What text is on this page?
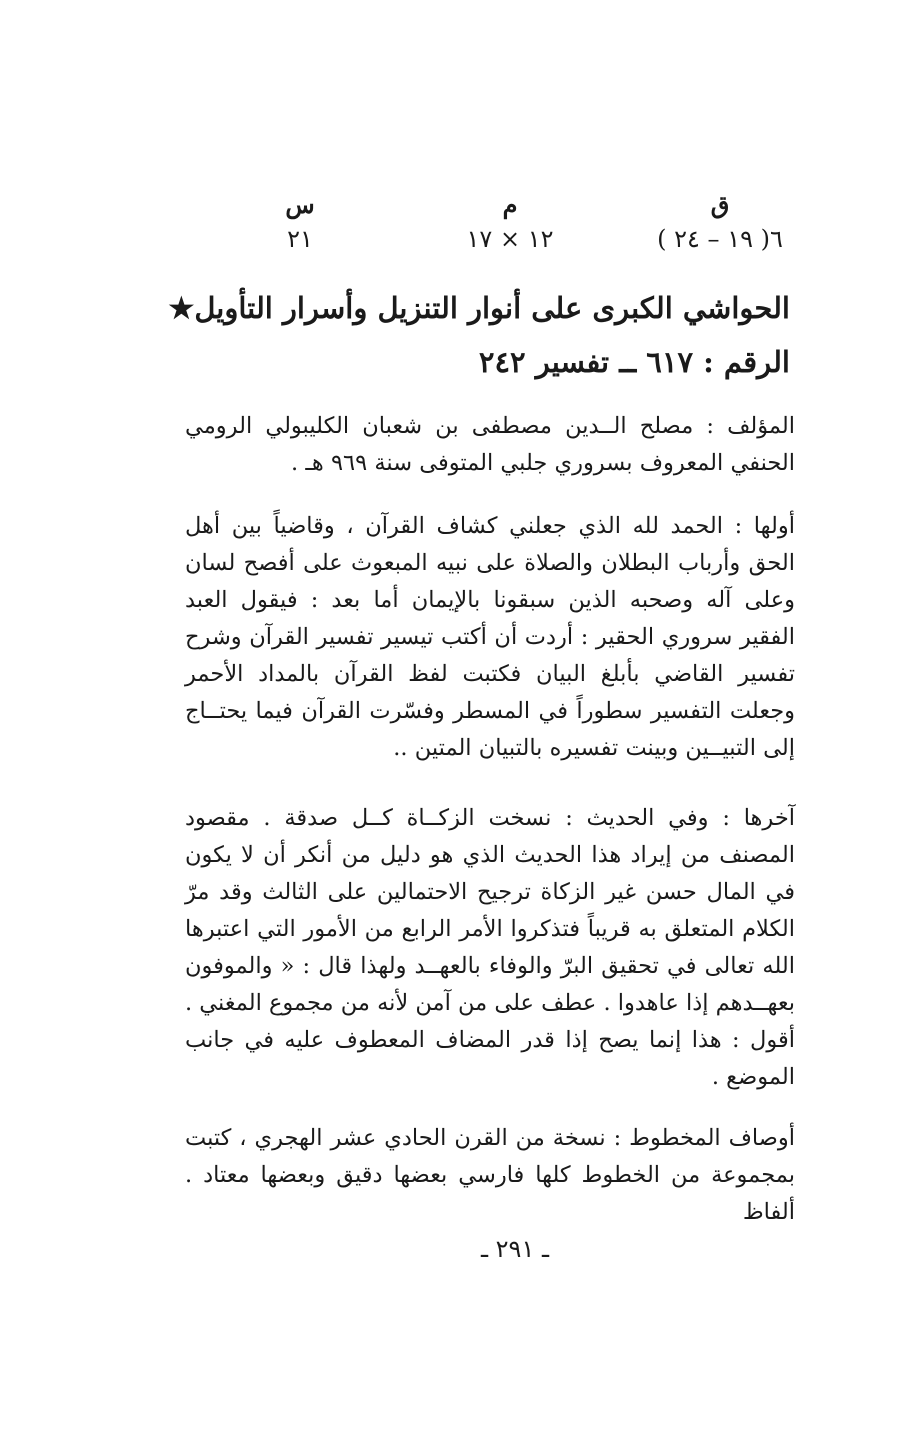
ق
٦( ١٩ – ٢٤ )
م
١٢ × ١٧
س
٢١
الحواشي الكبرى على أنوار التنزيل وأسرار التأويل★
الرقم : ٦١٧ ــ تفسير ٢٤٢

المؤلف : مصلح الــدين مصطفى بن شعبان الكليبولي الرومي الحنفي المعروف بسروري جلبي المتوفى سنة ٩٦٩ هـ .

أولها : الحمد لله الذي جعلني كشاف القرآن ، وقاضياً بين أهل الحق وأرباب البطلان والصلاة على نبيه المبعوث على أفصح لسان وعلى آله وصحبه الذين سبقونا بالإيمان أما بعد : فيقول العبد الفقير سروري الحقير : أردت أن أكتب تيسير تفسير القرآن وشرح تفسير القاضي بأبلغ البيان فكتبت لفظ القرآن بالمداد الأحمر وجعلت التفسير سطوراً في المسطر وفسّرت القرآن فيما يحتــاج إلى التبيــين وبينت تفسيره بالتبيان المتين ..

آخرها : وفي الحديث : نسخت الزكــاة كــل صدقة . مقصود المصنف من إيراد هذا الحديث الذي هو دليل من أنكر أن لا يكون في المال حسن غير الزكاة ترجيح الاحتمالين على الثالث وقد مرّ الكلام المتعلق به قريباً فتذكروا الأمر الرابع من الأمور التي اعتبرها الله تعالى في تحقيق البرّ والوفاء بالعهــد ولهذا قال : « والموفون بعهــدهم إذا عاهدوا . عطف على من آمن لأنه من مجموع المغني . أقول : هذا إنما يصح إذا قدر المضاف المعطوف عليه في جانب الموضع .

أوصاف المخطوط : نسخة من القرن الحادي عشر الهجري ، كتبت بمجموعة من الخطوط كلها فارسي بعضها دقيق وبعضها معتاد . ألفاظ

ـ ٢٩١ ـ
